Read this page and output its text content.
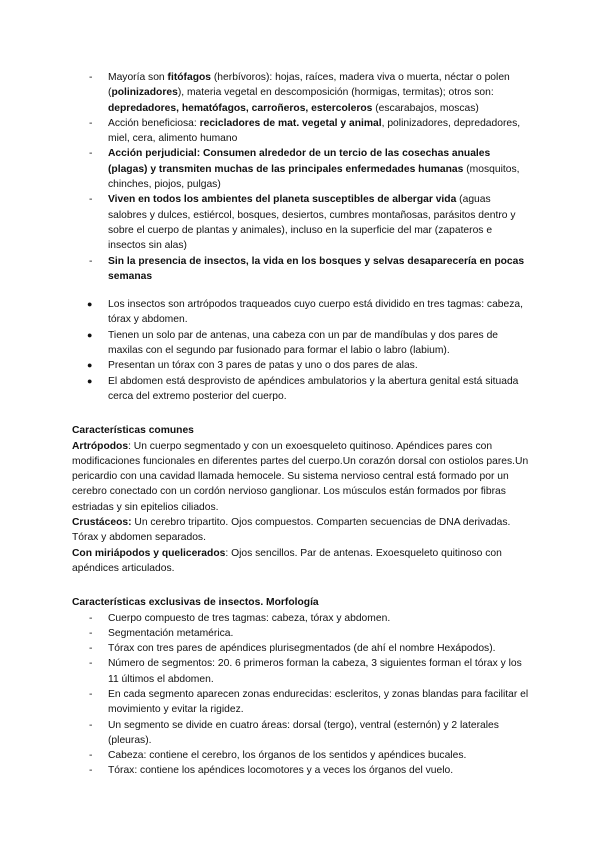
- Mayoría son fitófagos (herbívoros): hojas, raíces, madera viva o muerta, néctar o polen (polinizadores), materia vegetal en descomposición (hormigas, termitas); otros son: depredadores, hematófagos, carroñeros, estercoleros (escarabajos, moscas)
- Acción beneficiosa: recicladores de mat. vegetal y animal, polinizadores, depredadores, miel, cera, alimento humano
- Acción perjudicial: Consumen alrededor de un tercio de las cosechas anuales (plagas) y transmiten muchas de las principales enfermedades humanas (mosquitos, chinches, piojos, pulgas)
- Viven en todos los ambientes del planeta susceptibles de albergar vida (aguas salobres y dulces, estiércol, bosques, desiertos, cumbres montañosas, parásitos dentro y sobre el cuerpo de plantas y animales), incluso en la superficie del mar (zapateros e insectos sin alas)
- Sin la presencia de insectos, la vida en los bosques y selvas desaparecería en pocas semanas
● Los insectos son artrópodos traqueados cuyo cuerpo está dividido en tres tagmas: cabeza, tórax y abdomen.
● Tienen un solo par de antenas, una cabeza con un par de mandíbulas y dos pares de maxilas con el segundo par fusionado para formar el labio o labro (labium).
● Presentan un tórax con 3 pares de patas y uno o dos pares de alas.
● El abdomen está desprovisto de apéndices ambulatorios y la abertura genital está situada cerca del extremo posterior del cuerpo.

Características comunes

Artrópodos: Un cuerpo segmentado y con un exoesqueleto quitinoso. Apéndices pares con modificaciones funcionales en diferentes partes del cuerpo.Un corazón dorsal con ostiolos pares.Un pericardio con una cavidad llamada hemocele. Su sistema nervioso central está formado por un cerebro conectado con un cordón nervioso ganglionar. Los músculos están formados por fibras estriadas y sin epitelios ciliados.

Crustáceos: Un cerebro tripartito. Ojos compuestos. Comparten secuencias de DNA derivadas. Tórax y abdomen separados.

Con miriápodos y quelicerados: Ojos sencillos. Par de antenas. Exoesqueleto quitinoso con apéndices articulados.

Características exclusivas de insectos. Morfología

- Cuerpo compuesto de tres tagmas: cabeza, tórax y abdomen.
- Segmentación metamérica.
- Tórax con tres pares de apéndices plurisegmentados (de ahí el nombre Hexápodos).
- Número de segmentos: 20. 6 primeros forman la cabeza, 3 siguientes forman el tórax y los 11 últimos el abdomen.
- En cada segmento aparecen zonas endurecidas: escleritos, y zonas blandas para facilitar el movimiento y evitar la rigidez.
- Un segmento se divide en cuatro áreas: dorsal (tergo), ventral (esternón) y 2 laterales (pleuras).
- Cabeza: contiene el cerebro, los órganos de los sentidos y apéndices bucales.
- Tórax: contiene los apéndices locomotores y a veces los órganos del vuelo.
